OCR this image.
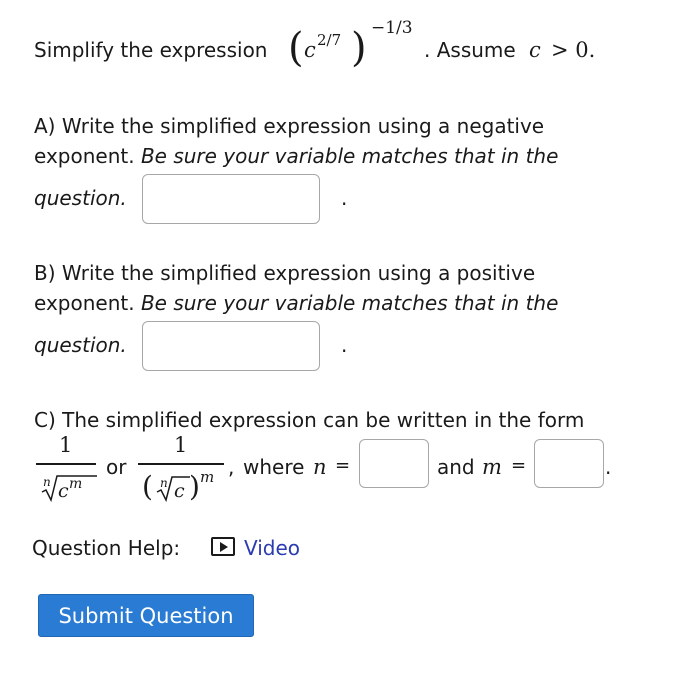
Simplify the expression ( c 2/7 ) −1/3
. Assume c > 0.
A) Write the simplified expression using a negative
exponent. Be sure your variable matches that in the
question.	.
B) Write the simplified expression using a positive
exponent. Be sure your variable matches that in the
question.	.
C) The simplified expression can be written in the form
1
n c m
or
1
( n c ) m , where n =	and m =	.
Question Help:	Video
Submit Question
